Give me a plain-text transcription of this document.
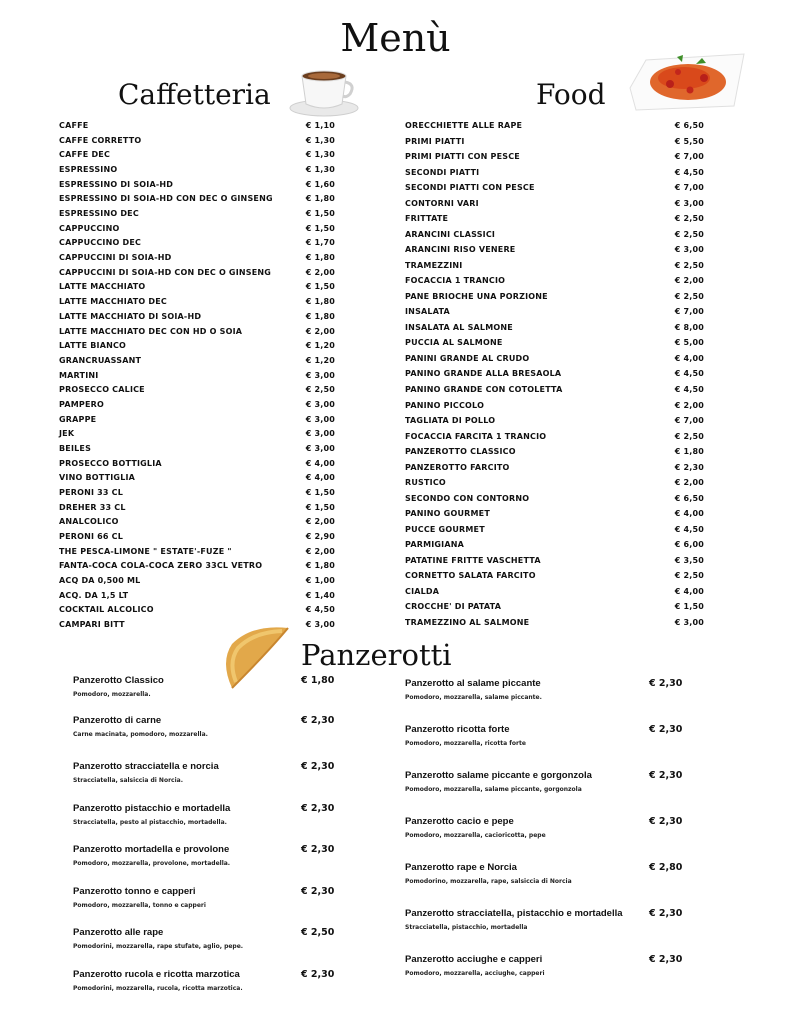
Menù
Caffetteria	Food
Panzerotti
CAFFE	€ 1,10
CAFFE CORRETTO	€ 1,30
CAFFE DEC	€ 1,30
ESPRESSINO	€ 1,30
ESPRESSINO DI SOIA-HD	€ 1,60
ESPRESSINO DI SOIA-HD CON DEC O GINSENG	€ 1,80
ESPRESSINO DEC	€ 1,50
CAPPUCCINO	€ 1,50
CAPPUCCINO DEC	€ 1,70
CAPPUCCINI DI SOIA-HD	€ 1,80
CAPPUCCINI DI SOIA-HD CON DEC O GINSENG	€ 2,00
LATTE MACCHIATO	€ 1,50
LATTE MACCHIATO DEC	€ 1,80
LATTE MACCHIATO DI SOIA-HD	€ 1,80
LATTE MACCHIATO DEC CON HD O SOIA	€ 2,00
LATTE BIANCO	€ 1,20
GRANCRUASSANT	€ 1,20
MARTINI	€ 3,00
PROSECCO CALICE	€ 2,50
PAMPERO	€ 3,00
GRAPPE	€ 3,00
JEK	€ 3,00
BEILES	€ 3,00
PROSECCO BOTTIGLIA	€ 4,00
VINO BOTTIGLIA	€ 4,00
PERONI 33 CL	€ 1,50
DREHER 33 CL	€ 1,50
ANALCOLICO	€ 2,00
PERONI 66 CL	€ 2,90
THE PESCA-LIMONE " ESTATE'-FUZE "	€ 2,00
FANTA-COCA COLA-COCA ZERO 33CL VETRO	€ 1,80
ACQ DA 0,500 ML	€ 1,00
ACQ. DA 1,5 LT	€ 1,40
COCKTAIL ALCOLICO	€ 4,50
CAMPARI BITT	€ 3,00
ORECCHIETTE ALLE RAPE	€ 6,50
PRIMI PIATTI	€ 5,50
PRIMI PIATTI CON PESCE	€ 7,00
SECONDI PIATTI	€ 4,50
SECONDI PIATTI CON PESCE	€ 7,00
CONTORNI VARI	€ 3,00
FRITTATE	€ 2,50
ARANCINI CLASSICI	€ 2,50
ARANCINI RISO VENERE	€ 3,00
TRAMEZZINI	€ 2,50
FOCACCIA 1 TRANCIO	€ 2,00
PANE BRIOCHE UNA PORZIONE	€ 2,50
INSALATA	€ 7,00
INSALATA AL SALMONE	€ 8,00
PUCCIA AL SALMONE	€ 5,00
PANINI GRANDE AL CRUDO	€ 4,00
PANINO GRANDE ALLA BRESAOLA	€ 4,50
PANINO GRANDE CON COTOLETTA	€ 4,50
PANINO PICCOLO	€ 2,00
TAGLIATA DI POLLO	€ 7,00
FOCACCIA FARCITA 1 TRANCIO	€ 2,50
PANZEROTTO CLASSICO	€ 1,80
PANZEROTTO FARCITO	€ 2,30
RUSTICO	€ 2,00
SECONDO CON CONTORNO	€ 6,50
PANINO GOURMET	€ 4,00
PUCCE GOURMET	€ 4,50
PARMIGIANA	€ 6,00
PATATINE FRITTE VASCHETTA	€ 3,50
CORNETTO SALATA FARCITO	€ 2,50
CIALDA	€ 4,00
CROCCHE' DI PATATA	€ 1,50
TRAMEZZINO AL SALMONE	€ 3,00
Panzerotto Classico	€ 1,80
Pomodoro, mozzarella.
Panzerotto di carne	€ 2,30
Carne macinata, pomodoro, mozzarella.
Panzerotto stracciatella e norcia	€ 2,30
Stracciatella, salsiccia di Norcia.
Panzerotto pistacchio e mortadella	€ 2,30
Stracciatella, pesto al pistacchio, mortadella.
Panzerotto mortadella e provolone	€ 2,30
Pomodoro, mozzarella, provolone, mortadella.
Panzerotto tonno e capperi	€ 2,30
Pomodoro, mozzarella, tonno e capperi
Panzerotto alle rape	€ 2,50
Pomodorini, mozzarella, rape stufate, aglio, pepe.
Panzerotto rucola e ricotta marzotica	€ 2,30
Pomodorini, mozzarella, rucola, ricotta marzotica.
Panzerotto al salame piccante	€ 2,30
Pomodoro, mozzarella, salame piccante.
Panzerotto ricotta forte	€ 2,30
Pomodoro, mozzarella, ricotta forte
Panzerotto salame piccante e gorgonzola	€ 2,30
Pomodoro, mozzarella, salame piccante, gorgonzola
Panzerotto cacio e pepe	€ 2,30
Pomodoro, mozzarella, cacioricotta, pepe
Panzerotto rape e Norcia	€ 2,80
Pomodorino, mozzarella, rape, salsiccia di Norcia
Panzerotto stracciatella, pistacchio e mortadella	€ 2,30
Stracciatella, pistacchio, mortadella
Panzerotto acciughe e capperi	€ 2,30
Pomodoro, mozzarella, acciughe, capperi
